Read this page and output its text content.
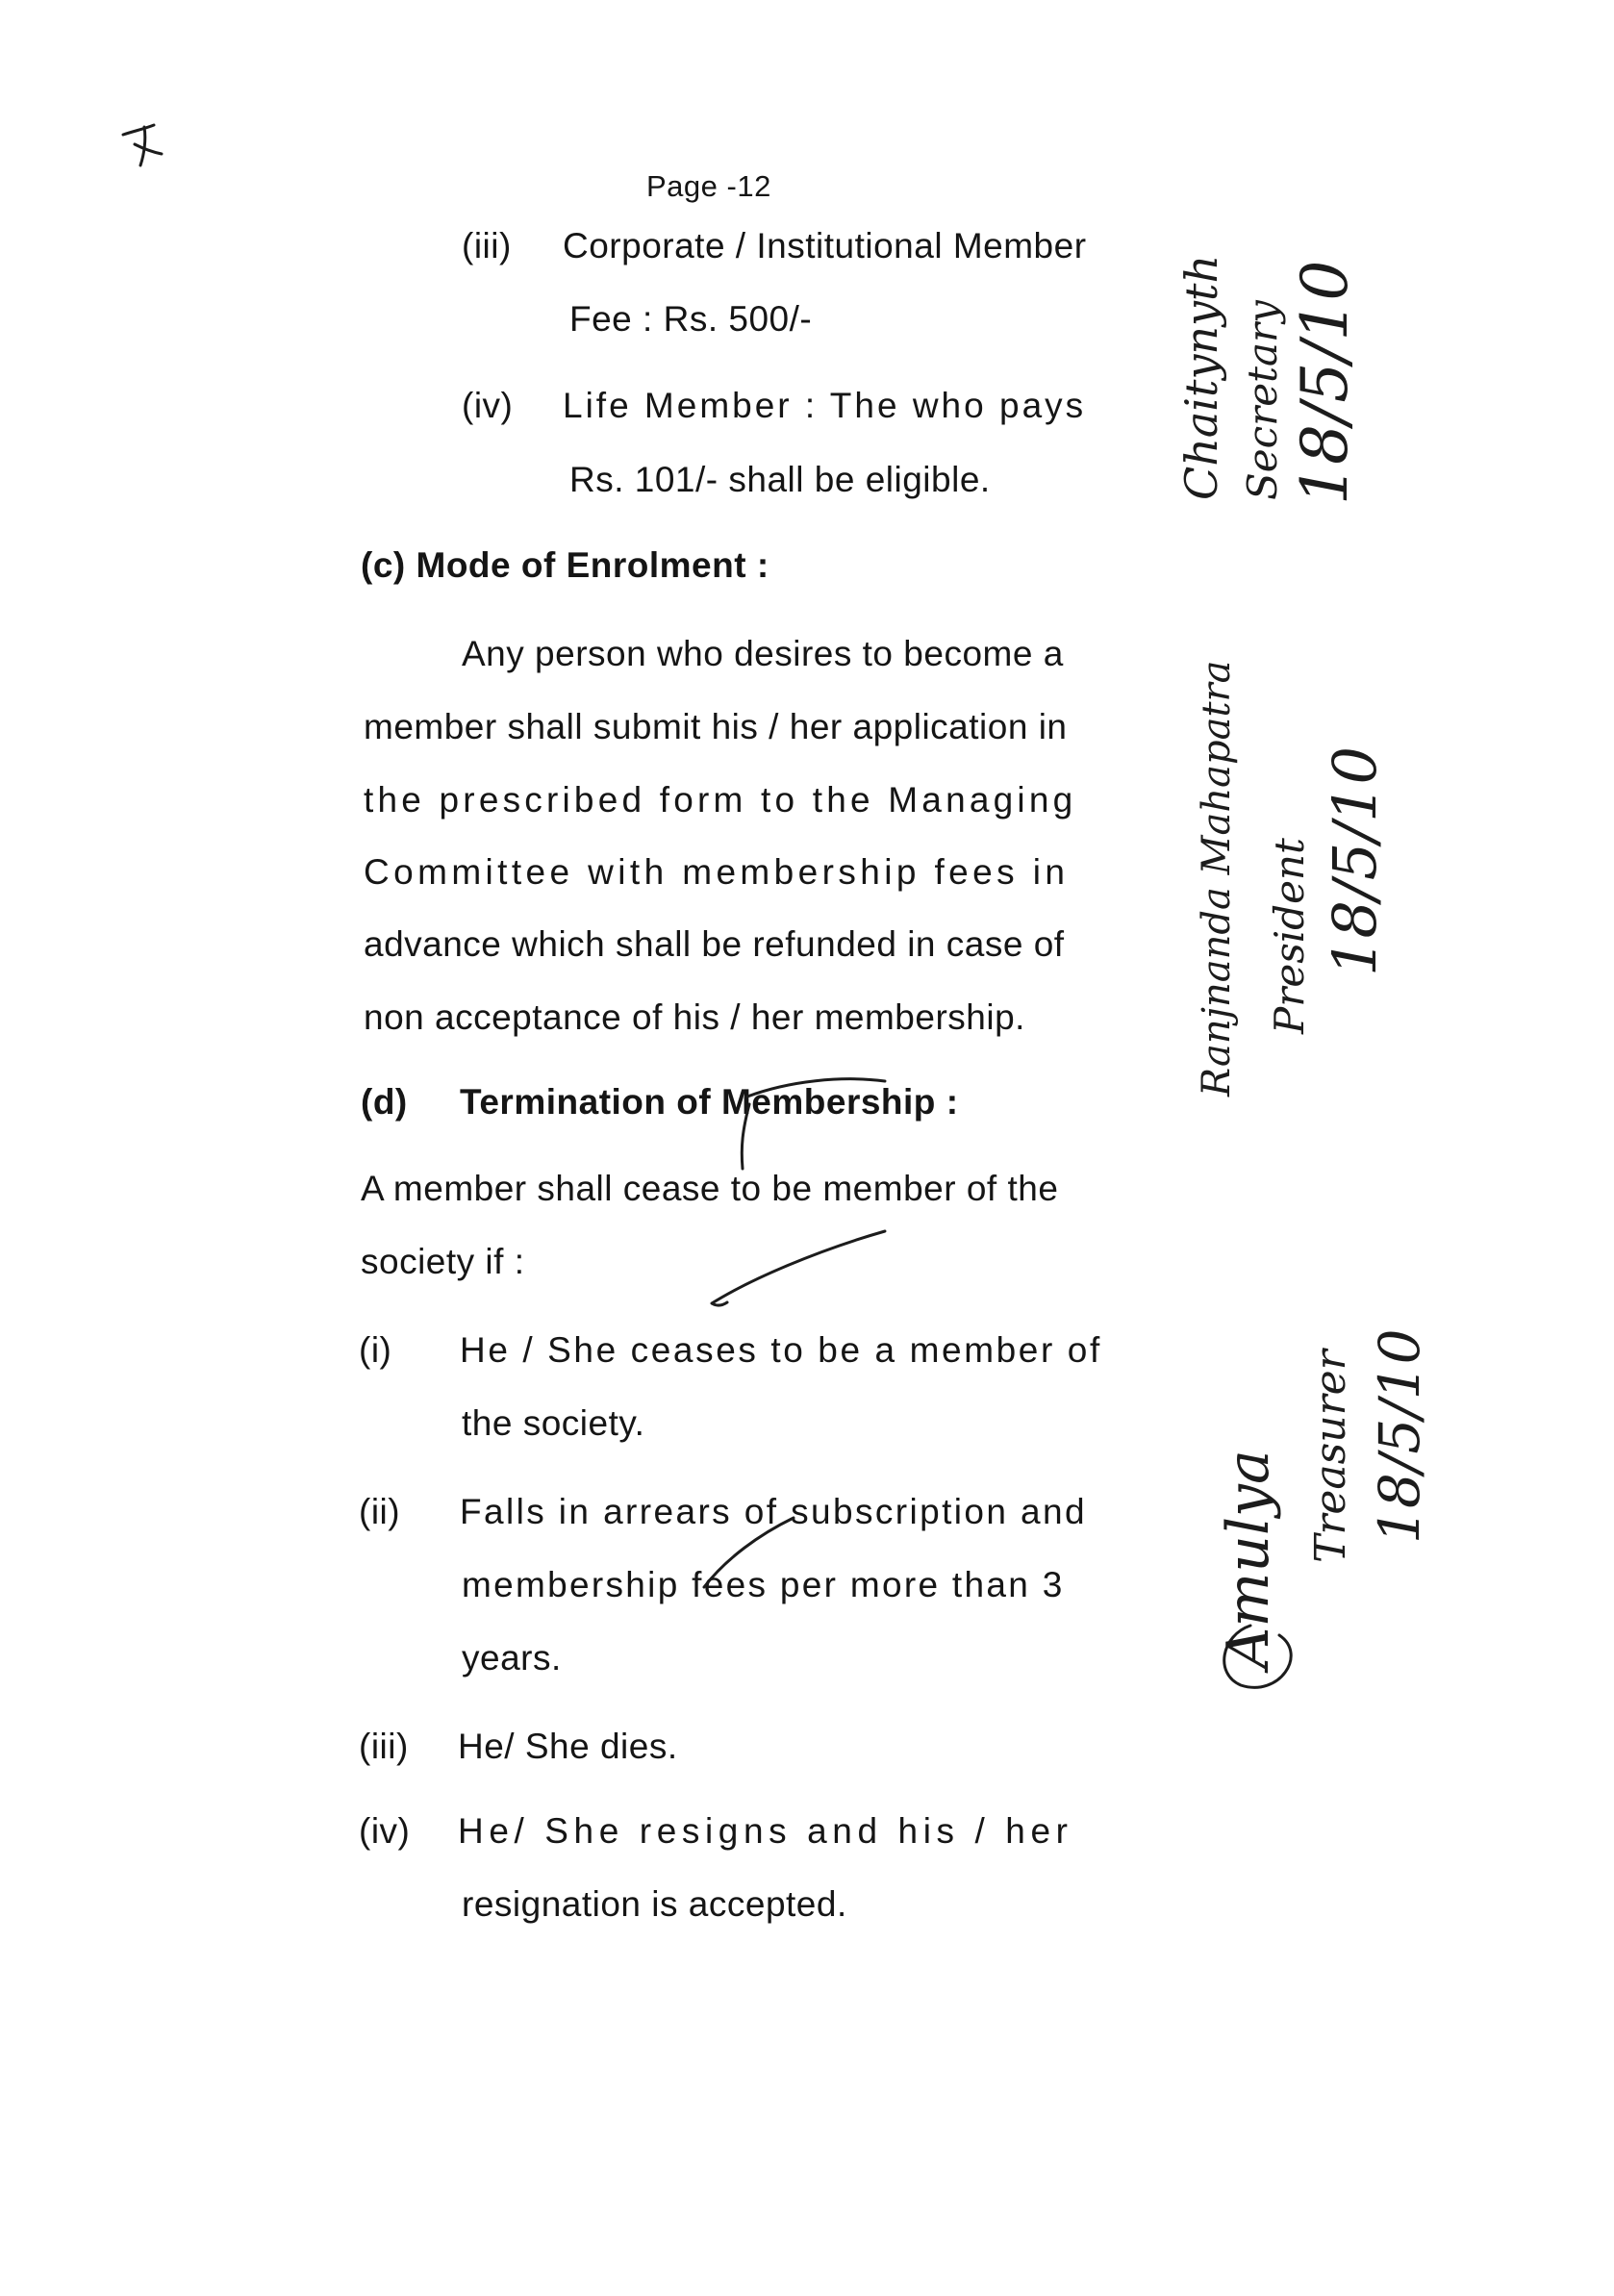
Page -12
(iii) Corporate / Institutional Member
Fee : Rs. 500/-
(iv) Life Member : The who pays
Rs. 101/- shall be eligible.
(c) Mode of Enrolment :
Any person who desires to become a
member shall submit his / her application in
the prescribed form to the Managing
Committee with membership fees in
advance which shall be refunded in case of
non acceptance of his / her membership.
(d) Termination of Membership :
A member shall cease to be member of the
society if :
(i) He / She ceases to be a member of
the society.
(ii) Falls in arrears of subscription and
membership fees per more than 3
years.
(iii) He/ She dies.
(iv) He/ She resigns and his / her
resignation is accepted.
Chaitynyth Secretary 18/5/10
Ranjnanda Mahapatra President 18/5/10
Amulya Treasurer 18/5/10
